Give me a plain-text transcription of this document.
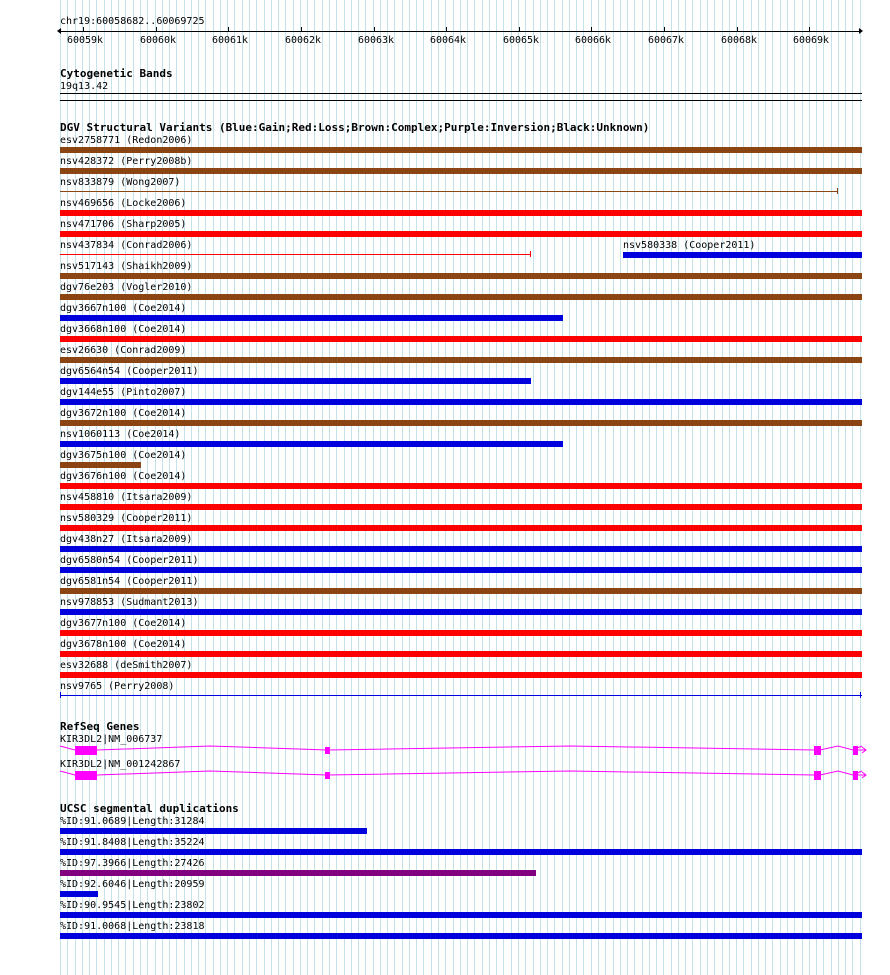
chr19:60058682..60069725
60059k	60060k	60061k	60062k	60063k	60064k	60065k	60066k	60067k	60068k	60069k
Cytogenetic Bands
19q13.42
DGV Structural Variants (Blue:Gain;Red:Loss;Brown:Complex;Purple:Inversion;Black:Unknown)
esv2758771 (Redon2006)
nsv428372 (Perry2008b)
nsv833879 (Wong2007)
nsv469656 (Locke2006)
nsv471706 (Sharp2005)
nsv437834 (Conrad2006)	nsv580338 (Cooper2011)
nsv517143 (Shaikh2009)
dgv76e203 (Vogler2010)
dgv3667n100 (Coe2014)
dgv3668n100 (Coe2014)
esv26630 (Conrad2009)
dgv6564n54 (Cooper2011)
dgv144e55 (Pinto2007)
dgv3672n100 (Coe2014)
nsv1060113 (Coe2014)
dgv3675n100 (Coe2014)
dgv3676n100 (Coe2014)
nsv458810 (Itsara2009)
nsv580329 (Cooper2011)
dgv438n27 (Itsara2009)
dgv6580n54 (Cooper2011)
dgv6581n54 (Cooper2011)
nsv978853 (Sudmant2013)
dgv3677n100 (Coe2014)
dgv3678n100 (Coe2014)
esv32688 (deSmith2007)
nsv9765 (Perry2008)
RefSeq Genes
KIR3DL2|NM_006737
KIR3DL2|NM_001242867
UCSC segmental duplications
%ID:91.0689|Length:31284
%ID:91.8408|Length:35224
%ID:97.3966|Length:27426
%ID:92.6046|Length:20959
%ID:90.9545|Length:23802
%ID:91.0068|Length:23818
